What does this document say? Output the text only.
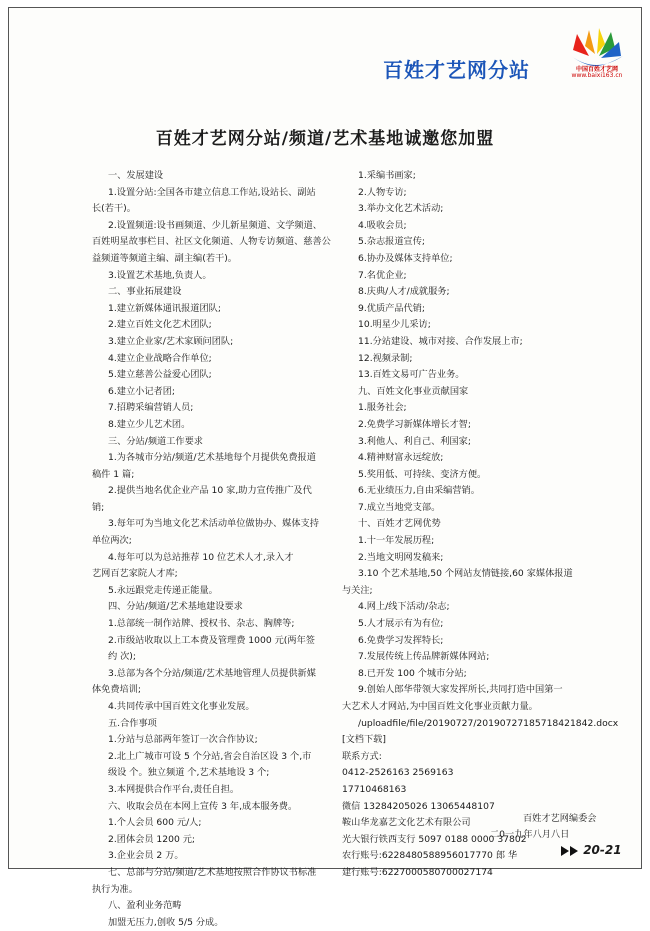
百姓才艺网分站	中国百姓才艺网
www.baixi163.cn
百姓才艺网分站/频道/艺术基地诚邀您加盟
一、发展建设
1.设置分站:全国各市建立信息工作站,设站长、副站
长(若干)。
2.设置频道:设书画频道、少儿新星频道、文学频道、
百姓明星故事栏目、社区文化频道、人物专访频道、慈善公
益频道等频道主编、副主编(若干)。
3.设置艺术基地,负责人。
二、事业拓展建设
1.建立新媒体通讯报道团队;
2.建立百姓文化艺术团队;
3.建立企业家/艺术家顾问团队;
4.建立企业战略合作单位;
5.建立慈善公益爱心团队;
6.建立小记者团;
7.招聘采编营销人员;
8.建立少儿艺术团。
三、分站/频道工作要求
1.为各城市分站/频道/艺术基地每个月提供免费报道
稿件 1 篇;
2.提供当地名优企业产品 10 家,助力宣传推广及代
销;
3.每年可为当地文化艺术活动单位做协办、媒体支持
单位两次;
4.每年可以为总站推荐 10 位艺术人才,录入才
艺网百艺家院人才库;
5.永远跟党走传递正能量。
四、分站/频道/艺术基地建设要求
1.总部统一制作站牌、授权书、杂志、胸牌等;
2.市级站收取以上工本费及管理费 1000 元(两年签
约 次);
3.总部为各个分站/频道/艺术基地管理人员提供新媒
体免费培训;
4.共同传承中国百姓文化事业发展。
五.合作事项
1.分站与总部两年签订一次合作协议;
2.北上广城市可设 5 个分站,省会自治区设 3 个,市
级设 个。独立频道 个,艺术基地设 3 个;
3.本网提供合作平台,责任自担。
六、收取会员在本网上宣传 3 年,成本服务费。
1.个人会员 600 元/人;
2.团体会员 1200 元;
3.企业会员 2 万。
七、总部与分站/频道/艺术基地按照合作协议书标准
执行为准。
八、盈利业务范畴
加盟无压力,创收 5/5 分成。
1.采编书画家;
2.人物专访;
3.举办文化艺术活动;
4.吸收会员;
5.杂志报道宣传;
6.协办及媒体支持单位;
7.名优企业;
8.庆典/人才/成就服务;
9.优质产品代销;
10.明星少儿采访;
11.分站建设、城市对接、合作发展上市;
12.视频录制;
13.百姓文易可广告业务。
九、百姓文化事业贡献国家
1.服务社会;
2.免费学习新媒体增长才智;
3.利他人、利自己、利国家;
4.精神财富永远绽放;
5.奖用低、可持续、变济方便。
6.无业绩压力,自由采编营销。
7.成立当地党支部。
十、百姓才艺网优势
1.十一年发展历程;
2.当地文明网发稿来;
3.10 个艺术基地,50 个网站友情链接,60 家媒体报道
与关注;
4.网上/线下活动/杂志;
5.人才展示有为有位;
6.免费学习发挥特长;
7.发展传统上传品牌新媒体网站;
8.已开发 100 个城市分站;
9.创始人郎华带领大家发挥所长,共同打造中国第一
大艺术人才网站,为中国百姓文化事业贡献力量。
/uploadfile/file/20190727/20190727185718421842.docx
[文档下载]
联系方式:
0412-2526163 2569163
17710468163
微信 13284205026 13065448107
鞍山华龙嘉艺文化艺术有限公司
光大银行铁西支行 5097 0188 0000 37802
农行账号:6228480588956017770 郎 华
建行账号:6227000580700027174
百姓才艺网编委会
二0一九年八月八日
20-21
